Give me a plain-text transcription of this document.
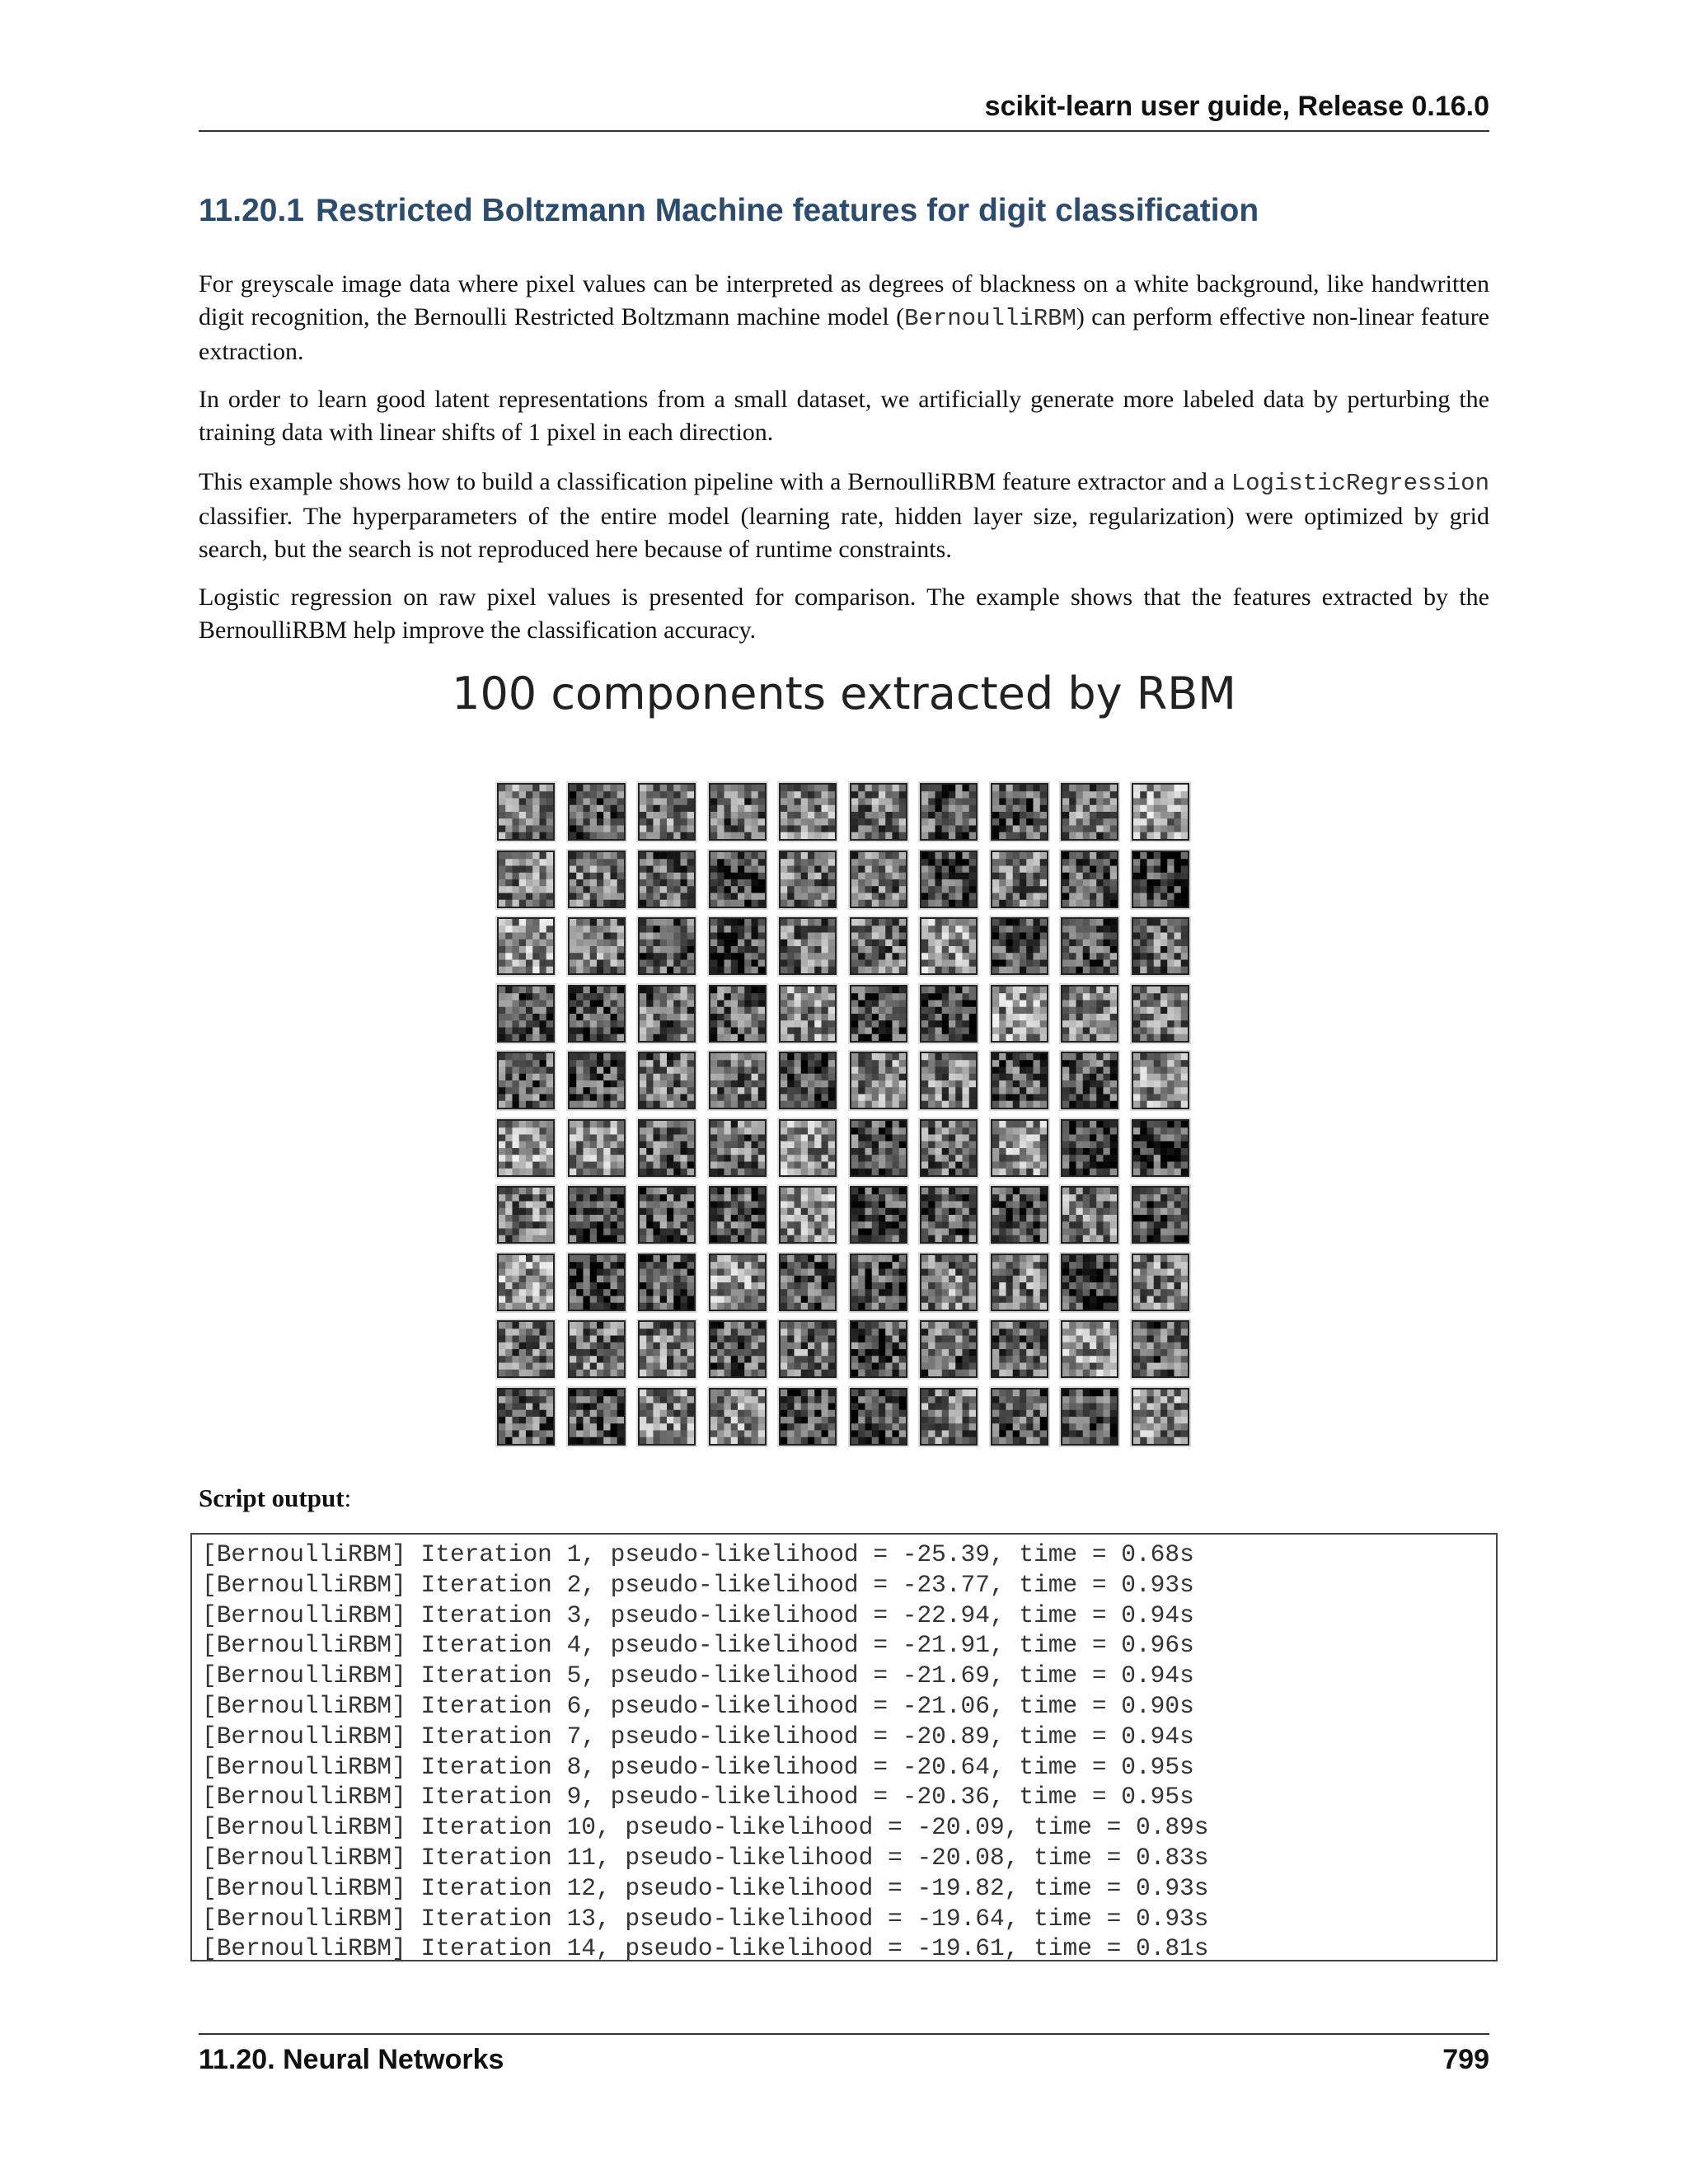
scikit-learn user guide, Release 0.16.0
11.20.1 Restricted Boltzmann Machine features for digit classification

For greyscale image data where pixel values can be interpreted as degrees of blackness on a white background, like handwritten digit recognition, the Bernoulli Restricted Boltzmann machine model (BernoulliRBM) can perform effective non-linear feature extraction.

In order to learn good latent representations from a small dataset, we artificially generate more labeled data by perturbing the training data with linear shifts of 1 pixel in each direction.

This example shows how to build a classification pipeline with a BernoulliRBM feature extractor and a LogisticRegression classifier. The hyperparameters of the entire model (learning rate, hidden layer size, regularization) were optimized by grid search, but the search is not reproduced here because of runtime constraints.

Logistic regression on raw pixel values is presented for comparison. The example shows that the features extracted by the BernoulliRBM help improve the classification accuracy.

100 components extracted by RBM
Script output:
[BernoulliRBM] Iteration 1, pseudo-likelihood = -25.39, time = 0.68s
[BernoulliRBM] Iteration 2, pseudo-likelihood = -23.77, time = 0.93s
[BernoulliRBM] Iteration 3, pseudo-likelihood = -22.94, time = 0.94s
[BernoulliRBM] Iteration 4, pseudo-likelihood = -21.91, time = 0.96s
[BernoulliRBM] Iteration 5, pseudo-likelihood = -21.69, time = 0.94s
[BernoulliRBM] Iteration 6, pseudo-likelihood = -21.06, time = 0.90s
[BernoulliRBM] Iteration 7, pseudo-likelihood = -20.89, time = 0.94s
[BernoulliRBM] Iteration 8, pseudo-likelihood = -20.64, time = 0.95s
[BernoulliRBM] Iteration 9, pseudo-likelihood = -20.36, time = 0.95s
[BernoulliRBM] Iteration 10, pseudo-likelihood = -20.09, time = 0.89s
[BernoulliRBM] Iteration 11, pseudo-likelihood = -20.08, time = 0.83s
[BernoulliRBM] Iteration 12, pseudo-likelihood = -19.82, time = 0.93s
[BernoulliRBM] Iteration 13, pseudo-likelihood = -19.64, time = 0.93s
[BernoulliRBM] Iteration 14, pseudo-likelihood = -19.61, time = 0.81s
11.20. Neural Networks	799
